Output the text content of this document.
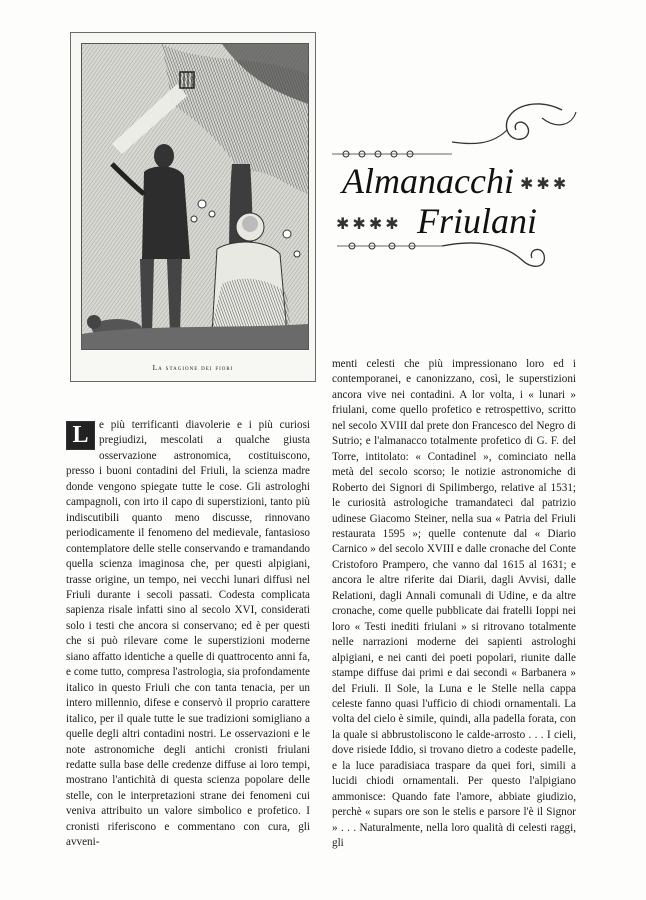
La stagione dei fiori
Almanacchi ✱✱✱
✱✱✱✱ Friulani

L e più terrificanti diavolerie e i più curiosi pregiudizi, mescolati a qualche giusta osservazione astronomica, costituiscono, presso i buoni contadini del Friuli, la scienza madre donde vengono spiegate tutte le cose. Gli astrologhi campagnoli, con irto il capo di superstizioni, tanto più indiscutibili quanto meno discusse, rinnovano periodicamente il fenomeno del medievale, fantasioso contemplatore delle stelle conservando e tramandando quella scienza imaginosa che, per questi alpigiani, trasse origine, un tempo, nei vecchi lunari diffusi nel Friuli durante i secoli passati. Codesta complicata sapienza risale infatti sino al secolo XVI, considerati solo i testi che ancora si conservano; ed è per questi che si può rilevare come le superstizioni moderne siano affatto identiche a quelle di quattrocento anni fa, e come tutto, compresa l'astrologia, sia profondamente italico in questo Friuli che con tanta tenacia, per un intero millennio, difese e conservò il proprio carattere italico, per il quale tutte le sue tradizioni somigliano a quelle degli altri contadini nostri. Le osservazioni e le note astronomiche degli antichi cronisti friulani redatte sulla base delle credenze diffuse ai loro tempi, mostrano l'antichità di questa scienza popolare delle stelle, con le interpretazioni strane dei fenomeni cui veniva attribuito un valore simbolico e profetico. I cronisti riferiscono e commentano con cura, gli avveni-

menti celesti che più impressionano loro ed i contemporanei, e canonizzano, così, le superstizioni ancora vive nei contadini. A lor volta, i « lunari » friulani, come quello profetico e retrospettivo, scritto nel secolo XVIII dal prete don Francesco del Negro di Sutrio; e l'almanacco totalmente profetico di G. F. del Torre, intitolato: « Contadinel », cominciato nella metà del secolo scorso; le notizie astronomiche di Roberto dei Signori di Spilimbergo, relative al 1531; le curiosità astrologiche tramandateci dal patrizio udinese Giacomo Steiner, nella sua « Patria del Friuli restaurata 1595 »; quelle contenute dal « Diario Carnico » del secolo XVIII e dalle cronache del Conte Cristoforo Prampero, che vanno dal 1615 al 1631; e ancora le altre riferite dai Diarii, dagli Avvisi, dalle Relationi, dagli Annali comunali di Udine, e da altre cronache, come quelle pubblicate dai fratelli Ioppi nei loro « Testi inediti friulani » si ritrovano totalmente nelle narrazioni moderne dei sapienti astrologhi alpigiani, e nei canti dei poeti popolari, riunite dalle stampe diffuse dai primi e dai secondi « Barbanera » del Friuli. Il Sole, la Luna e le Stelle nella cappa celeste fanno quasi l'ufficio di chiodi ornamentali. La volta del cielo è simile, quindi, alla padella forata, con la quale si abbrustoliscono le calde-arrosto . . . I cieli, dove risiede Iddio, si trovano dietro a codeste padelle, e la luce paradisiaca traspare da quei fori, simili a lucidi chiodi ornamentali. Per questo l'alpigiano ammonisce: Quando fate l'amore, abbiate giudizio, perchè « supars ore son le stelis e parsore l'è il Signor » . . . Naturalmente, nella loro qualità di celesti raggi, gli
